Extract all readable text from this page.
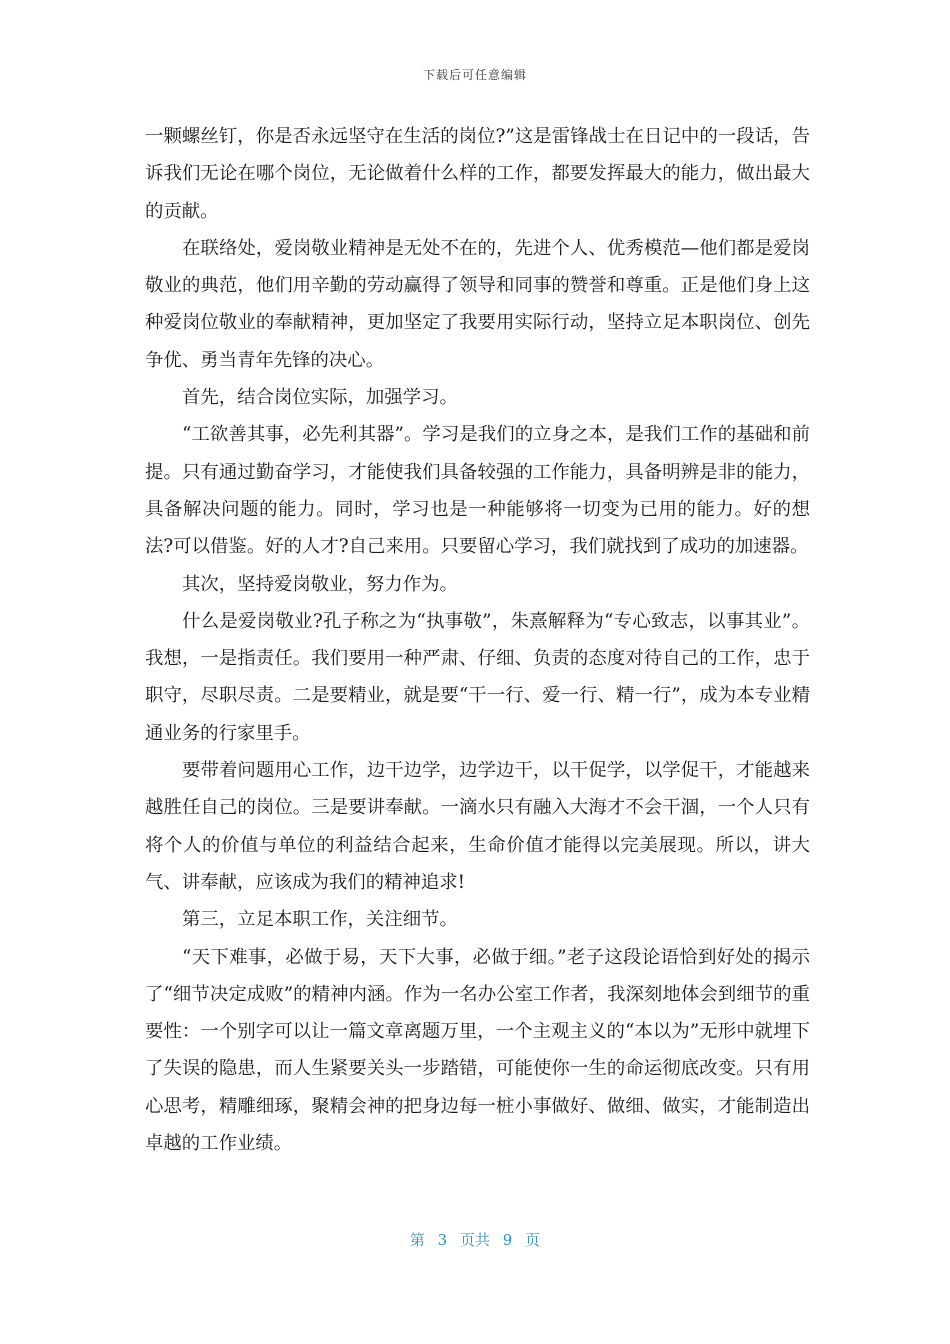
下载后可任意编辑

一颗螺丝钉，你是否永远坚守在生活的岗位?”这是雷锋战士在日记中的一段话，告诉我们无论在哪个岗位，无论做着什么样的工作，都要发挥最大的能力，做出最大的贡献。

在联络处，爱岗敬业精神是无处不在的，先进个人、优秀模范—他们都是爱岗敬业的典范，他们用辛勤的劳动赢得了领导和同事的赞誉和尊重。正是他们身上这种爱岗位敬业的奉献精神，更加坚定了我要用实际行动，坚持立足本职岗位、创先争优、勇当青年先锋的决心。

首先，结合岗位实际，加强学习。

“工欲善其事，必先利其器”。学习是我们的立身之本，是我们工作的基础和前提。只有通过勤奋学习，才能使我们具备较强的工作能力，具备明辨是非的能力，具备解决问题的能力。同时，学习也是一种能够将一切变为已用的能力。好的想法?可以借鉴。好的人才?自己来用。只要留心学习，我们就找到了成功的加速器。

其次，坚持爱岗敬业，努力作为。

什么是爱岗敬业?孔子称之为“执事敬”，朱熹解释为“专心致志，以事其业”。我想，一是指责任。我们要用一种严肃、仔细、负责的态度对待自己的工作，忠于职守，尽职尽责。二是要精业，就是要“干一行、爱一行、精一行”，成为本专业精通业务的行家里手。

要带着问题用心工作，边干边学，边学边干，以干促学，以学促干，才能越来越胜任自己的岗位。三是要讲奉献。一滴水只有融入大海才不会干涸，一个人只有将个人的价值与单位的利益结合起来，生命价值才能得以完美展现。所以，讲大气、讲奉献，应该成为我们的精神追求!

第三，立足本职工作，关注细节。

“天下难事，必做于易，天下大事，必做于细。”老子这段论语恰到好处的揭示了“细节决定成败”的精神内涵。作为一名办公室工作者，我深刻地体会到细节的重要性：一个别字可以让一篇文章离题万里，一个主观主义的“本以为”无形中就埋下了失误的隐患，而人生紧要关头一步踏错，可能使你一生的命运彻底改变。只有用心思考，精雕细琢，聚精会神的把身边每一桩小事做好、做细、做实，才能制造出卓越的工作业绩。

第 3 页共 9 页
